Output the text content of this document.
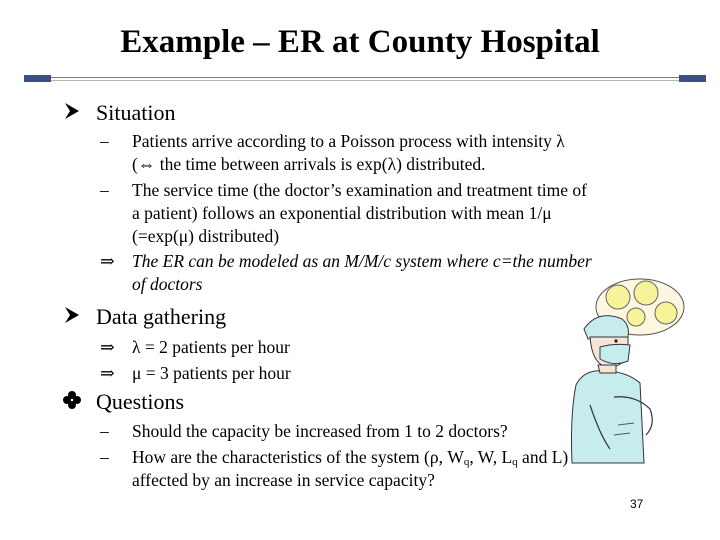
Example – ER at County Hospital
Situation
– Patients arrive according to a Poisson process with intensity λ
(⇔ the time between arrivals is exp(λ) distributed.
– The service time (the doctor’s examination and treatment time of
a patient) follows an exponential distribution with mean 1/μ
(=exp(μ) distributed)
⇒ The ER can be modeled as an M/M/c system where c=the number
of doctors
Data gathering
⇒ λ = 2 patients per hour
⇒ μ = 3 patients per hour
Questions
– Should the capacity be increased from 1 to 2 doctors?
– How are the characteristics of the system (ρ, $W_q$, W, $L_q$ and L)
affected by an increase in service capacity?
37
